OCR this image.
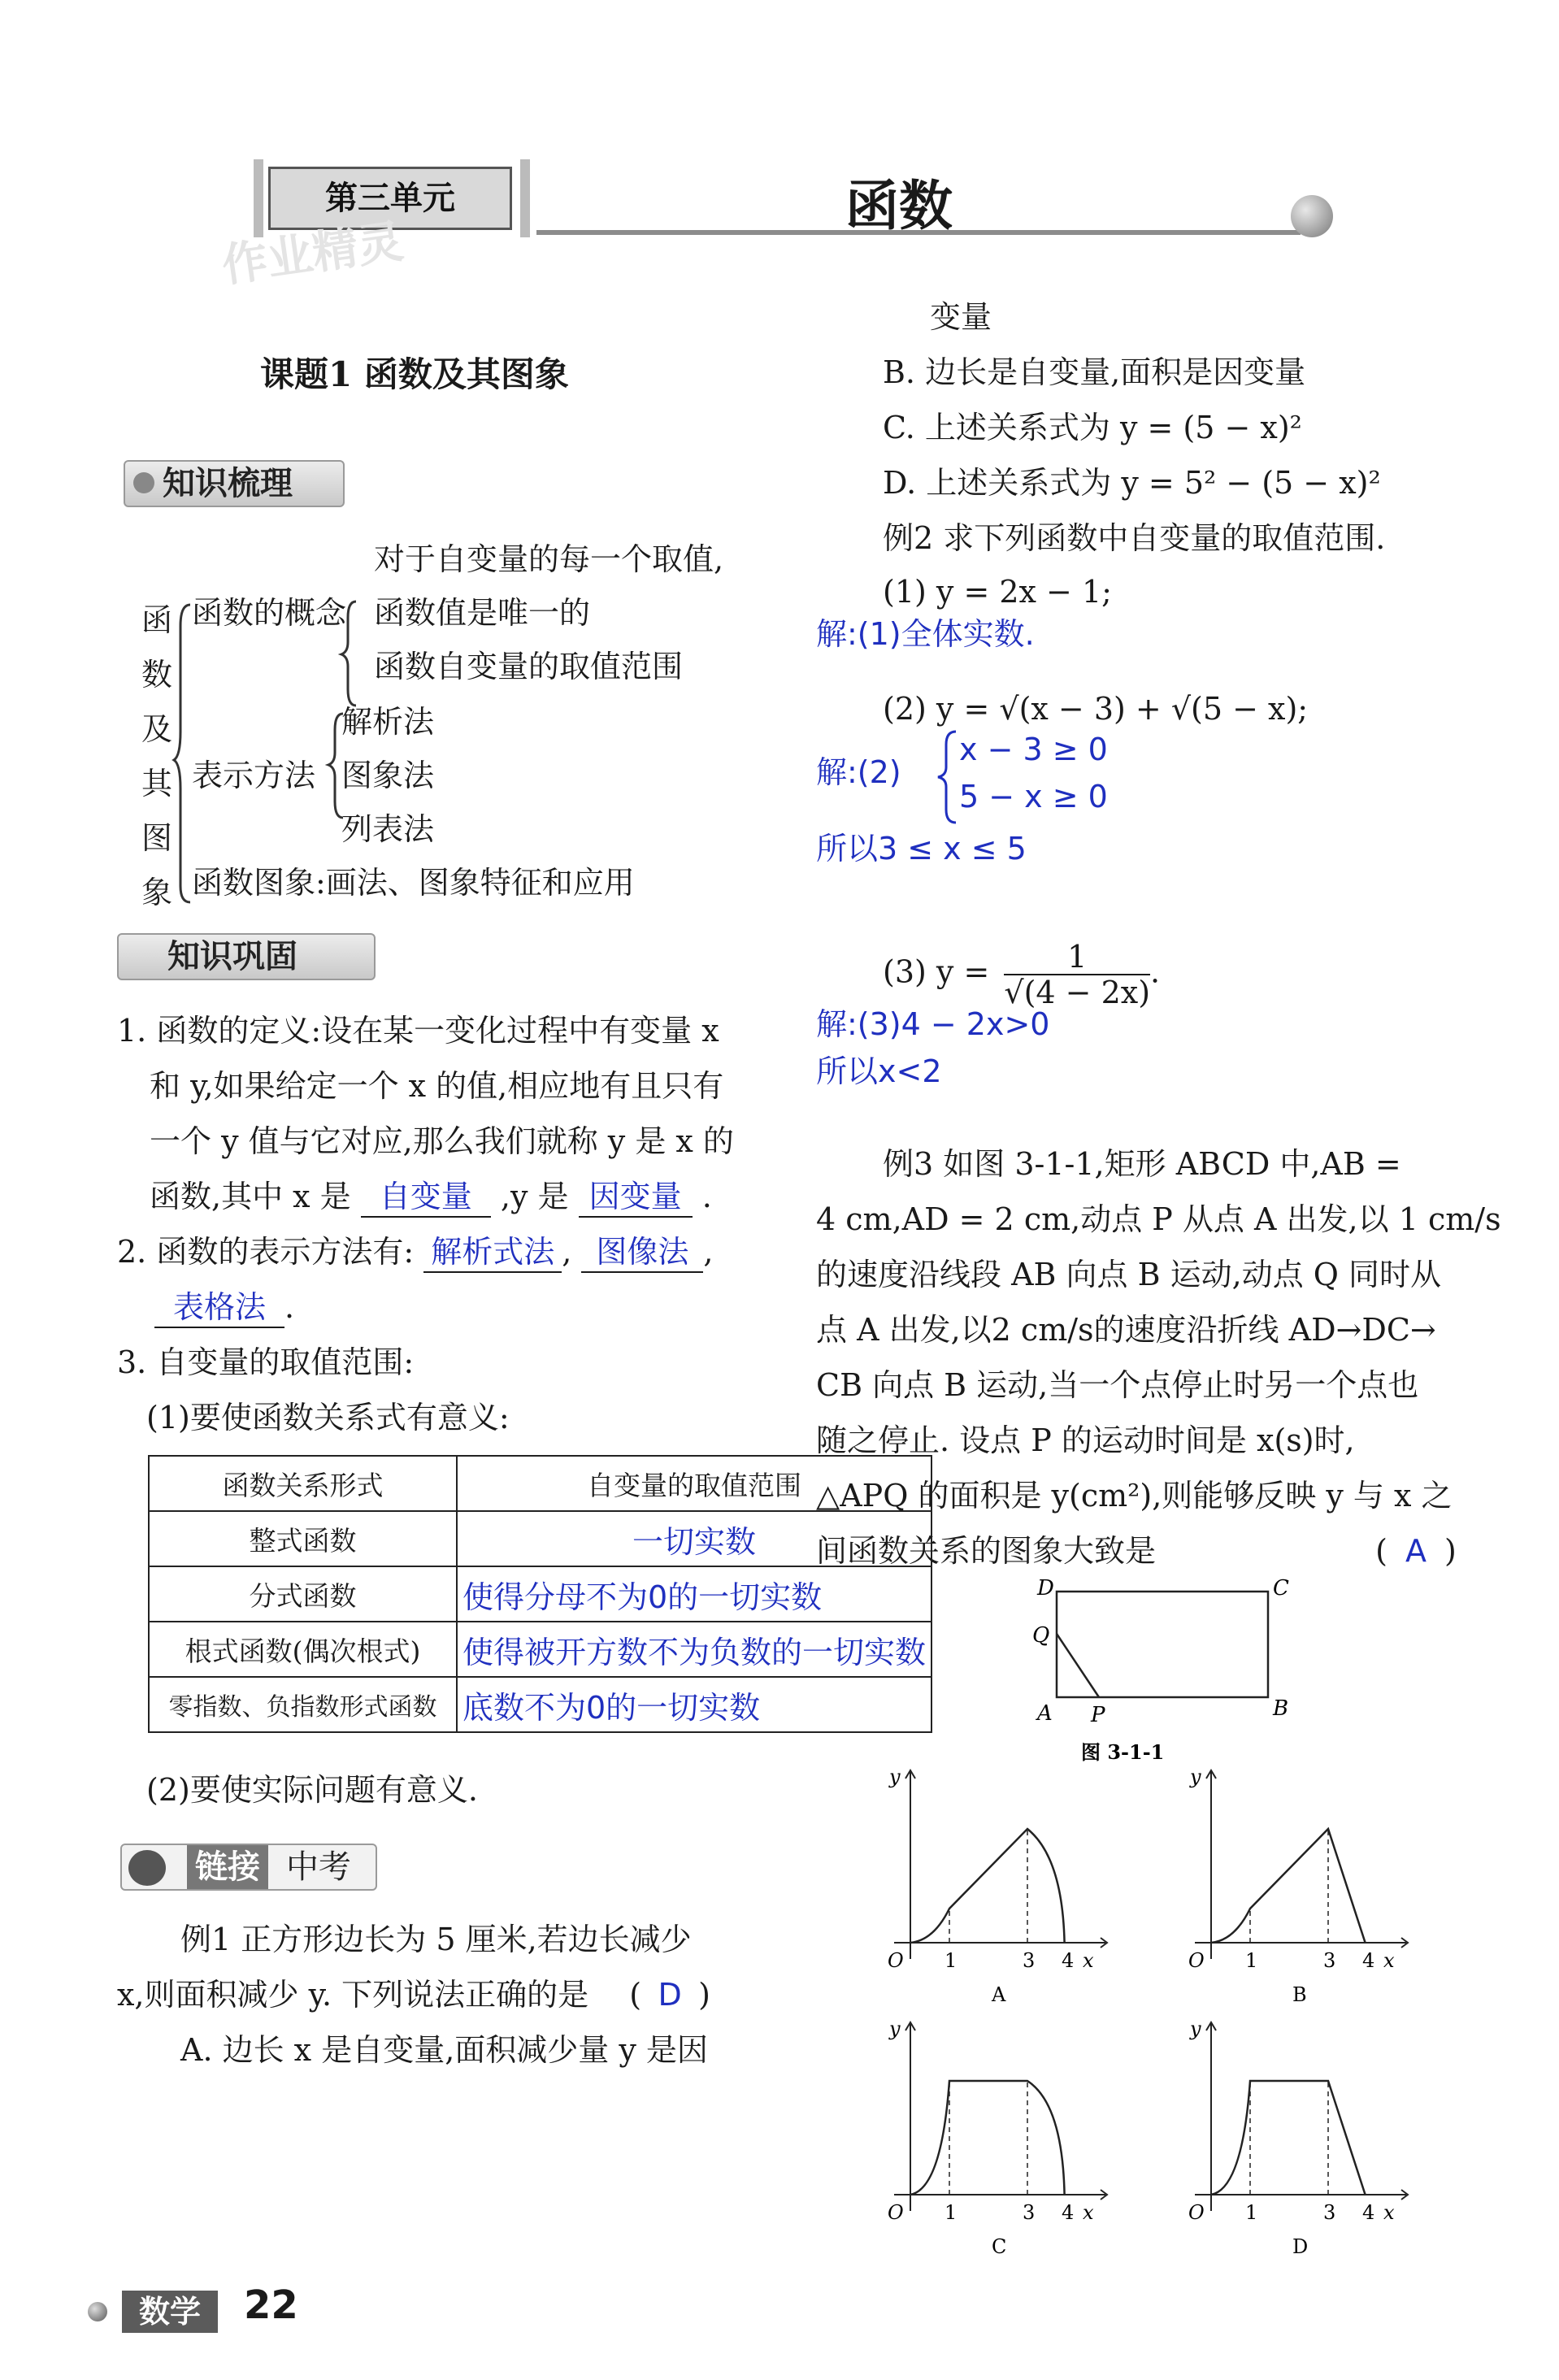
第三单元	函数
作业精灵
课题1 函数及其图象
知识梳理
函
数
及
其
图
象
函数的概念
对于自变量的每一个取值,
函数值是唯一的
函数自变量的取值范围
表示方法
解析法
图象法
列表法
函数图象:画法、图象特征和应用
知识巩固
1. 函数的定义:设在某一变化过程中有变量 x
和 y,如果给定一个 x 的值,相应地有且只有
一个 y 值与它对应,那么我们就称 y 是 x 的
函数,其中 x 是 自变量 ,y 是 因变量 .
2. 函数的表示方法有: 解析式法 , 图像法 ,
表格法 .
3. 自变量的取值范围:
(1)要使函数关系式有意义:
函数关系形式	自变量的取值范围
整式函数	一切实数
分式函数	使得分母不为0的一切实数
根式函数(偶次根式)	使得被开方数不为负数的一切实数
零指数、负指数形式函数	底数不为0的一切实数
(2)要使实际问题有意义.
链接 中考
例1 正方形边长为 5 厘米,若边长减少
x,则面积减少 y. 下列说法正确的是 ( D )
A. 边长 x 是自变量,面积减少量 y 是因
变量
B. 边长是自变量,面积是因变量
C. 上述关系式为 y = (5 − x)²
D. 上述关系式为 y = 5² − (5 − x)²
例2 求下列函数中自变量的取值范围.
(1) y = 2x − 1;
解:(1)全体实数.
(2) y = √(x − 3) + √(5 − x);
解:(2)
x − 3 ≥ 0
5 − x ≥ 0
所以3 ≤ x ≤ 5
(3) $y = \frac{1}{√(4 - 2x)}$ .
解:(3)4 − 2x>0
所以x<2
例3 如图 3-1-1,矩形 ABCD 中,AB =
4 cm,AD = 2 cm,动点 P 从点 A 出发,以 1 cm/s
的速度沿线段 AB 向点 B 运动,动点 Q 同时从
点 A 出发,以2 cm/s的速度沿折线 AD→DC→
CB 向点 B 运动,当一个点停止时另一个点也
随之停止. 设点 P 的运动时间是 x(s)时,
△APQ 的面积是 y(cm²),则能够反映 y 与 x 之
间函数关系的图象大致是	( A )
D	C
Q
A P	B
图 3-1-1
O 1	3 4 x
y
A
O 1	3 4 x
y
B
O 1	3 4 x
y
C
O 1	3 4 x
y
D
数学	22
